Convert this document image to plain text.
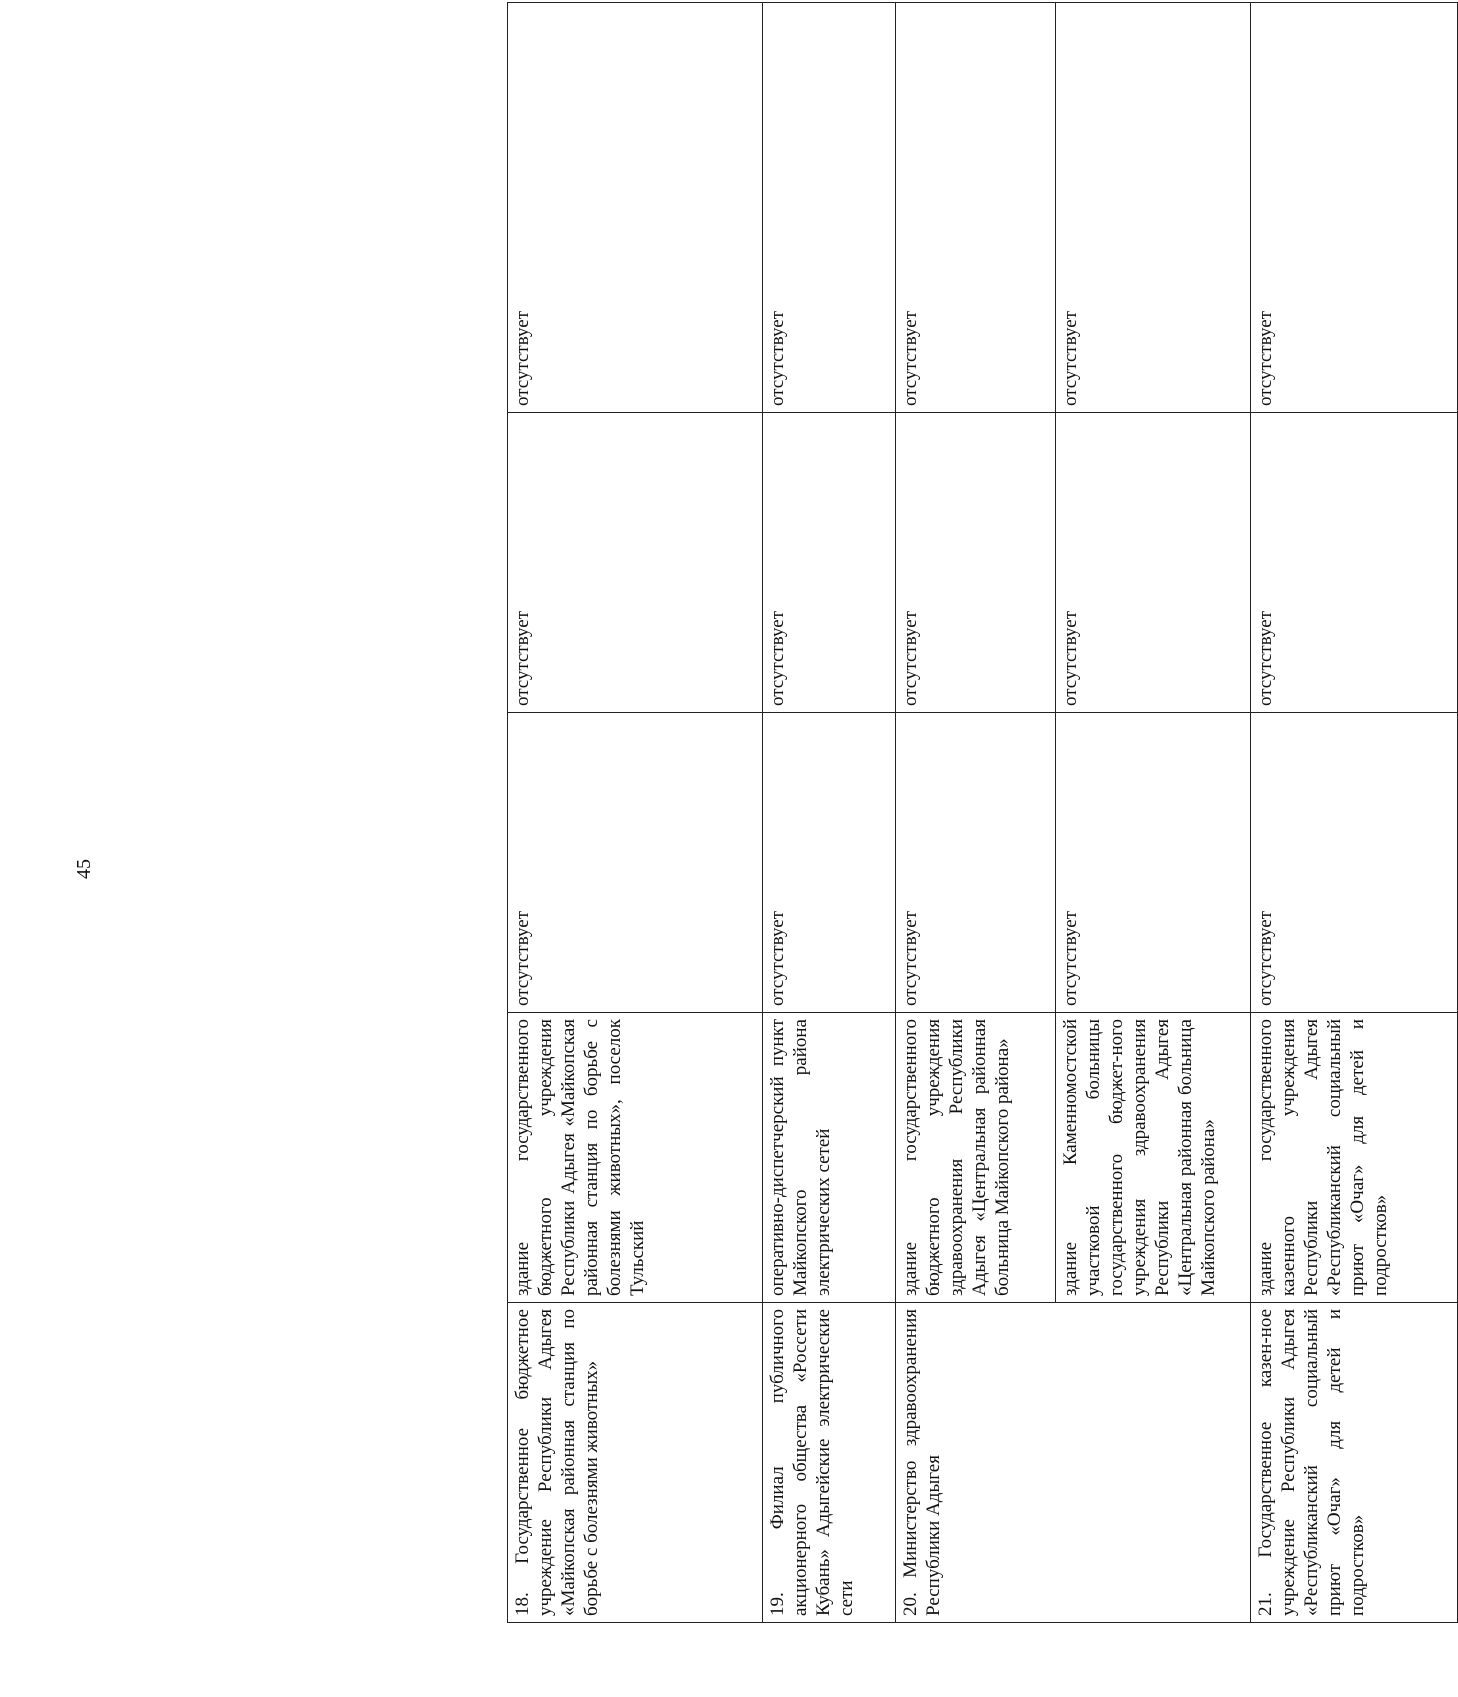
45
18. Государственное бюджетное учреждение Республики Адыгея «Майкопская районная станция по борьбе с болезнями животных»	здание государственного бюджетного учреждения Республики Адыгея «Майкопская районная станция по борьбе с болезнями животных», поселок Тульский	отсутствует	отсутствует	отсутствует
19. Филиал публичного акционерного общества «Россети Кубань» Адыгейские электрические сети	оперативно-диспетчерский пункт Майкопского района электрических сетей	отсутствует	отсутствует	отсутствует
20. Министерство здравоохранения Республики Адыгея	здание государственного бюджетного учреждения здравоохранения Республики Адыгея «Центральная районная больница Майкопского района»	отсутствует	отсутствует	отсутствует
	здание Каменномостской участковой больницы государственного бюджет-ного учреждения здравоохранения Республики Адыгея «Центральная районная больница Майкопского района»	отсутствует	отсутствует	отсутствует
21. Государственное казен-ное учреждение Республики Адыгея «Республиканский социальный приют «Очаг» для детей и подростков»	здание государственного казенного учреждения Республики Адыгея «Республиканский социальный приют «Очаг» для детей и подростков»	отсутствует	отсутствует	отсутствует
